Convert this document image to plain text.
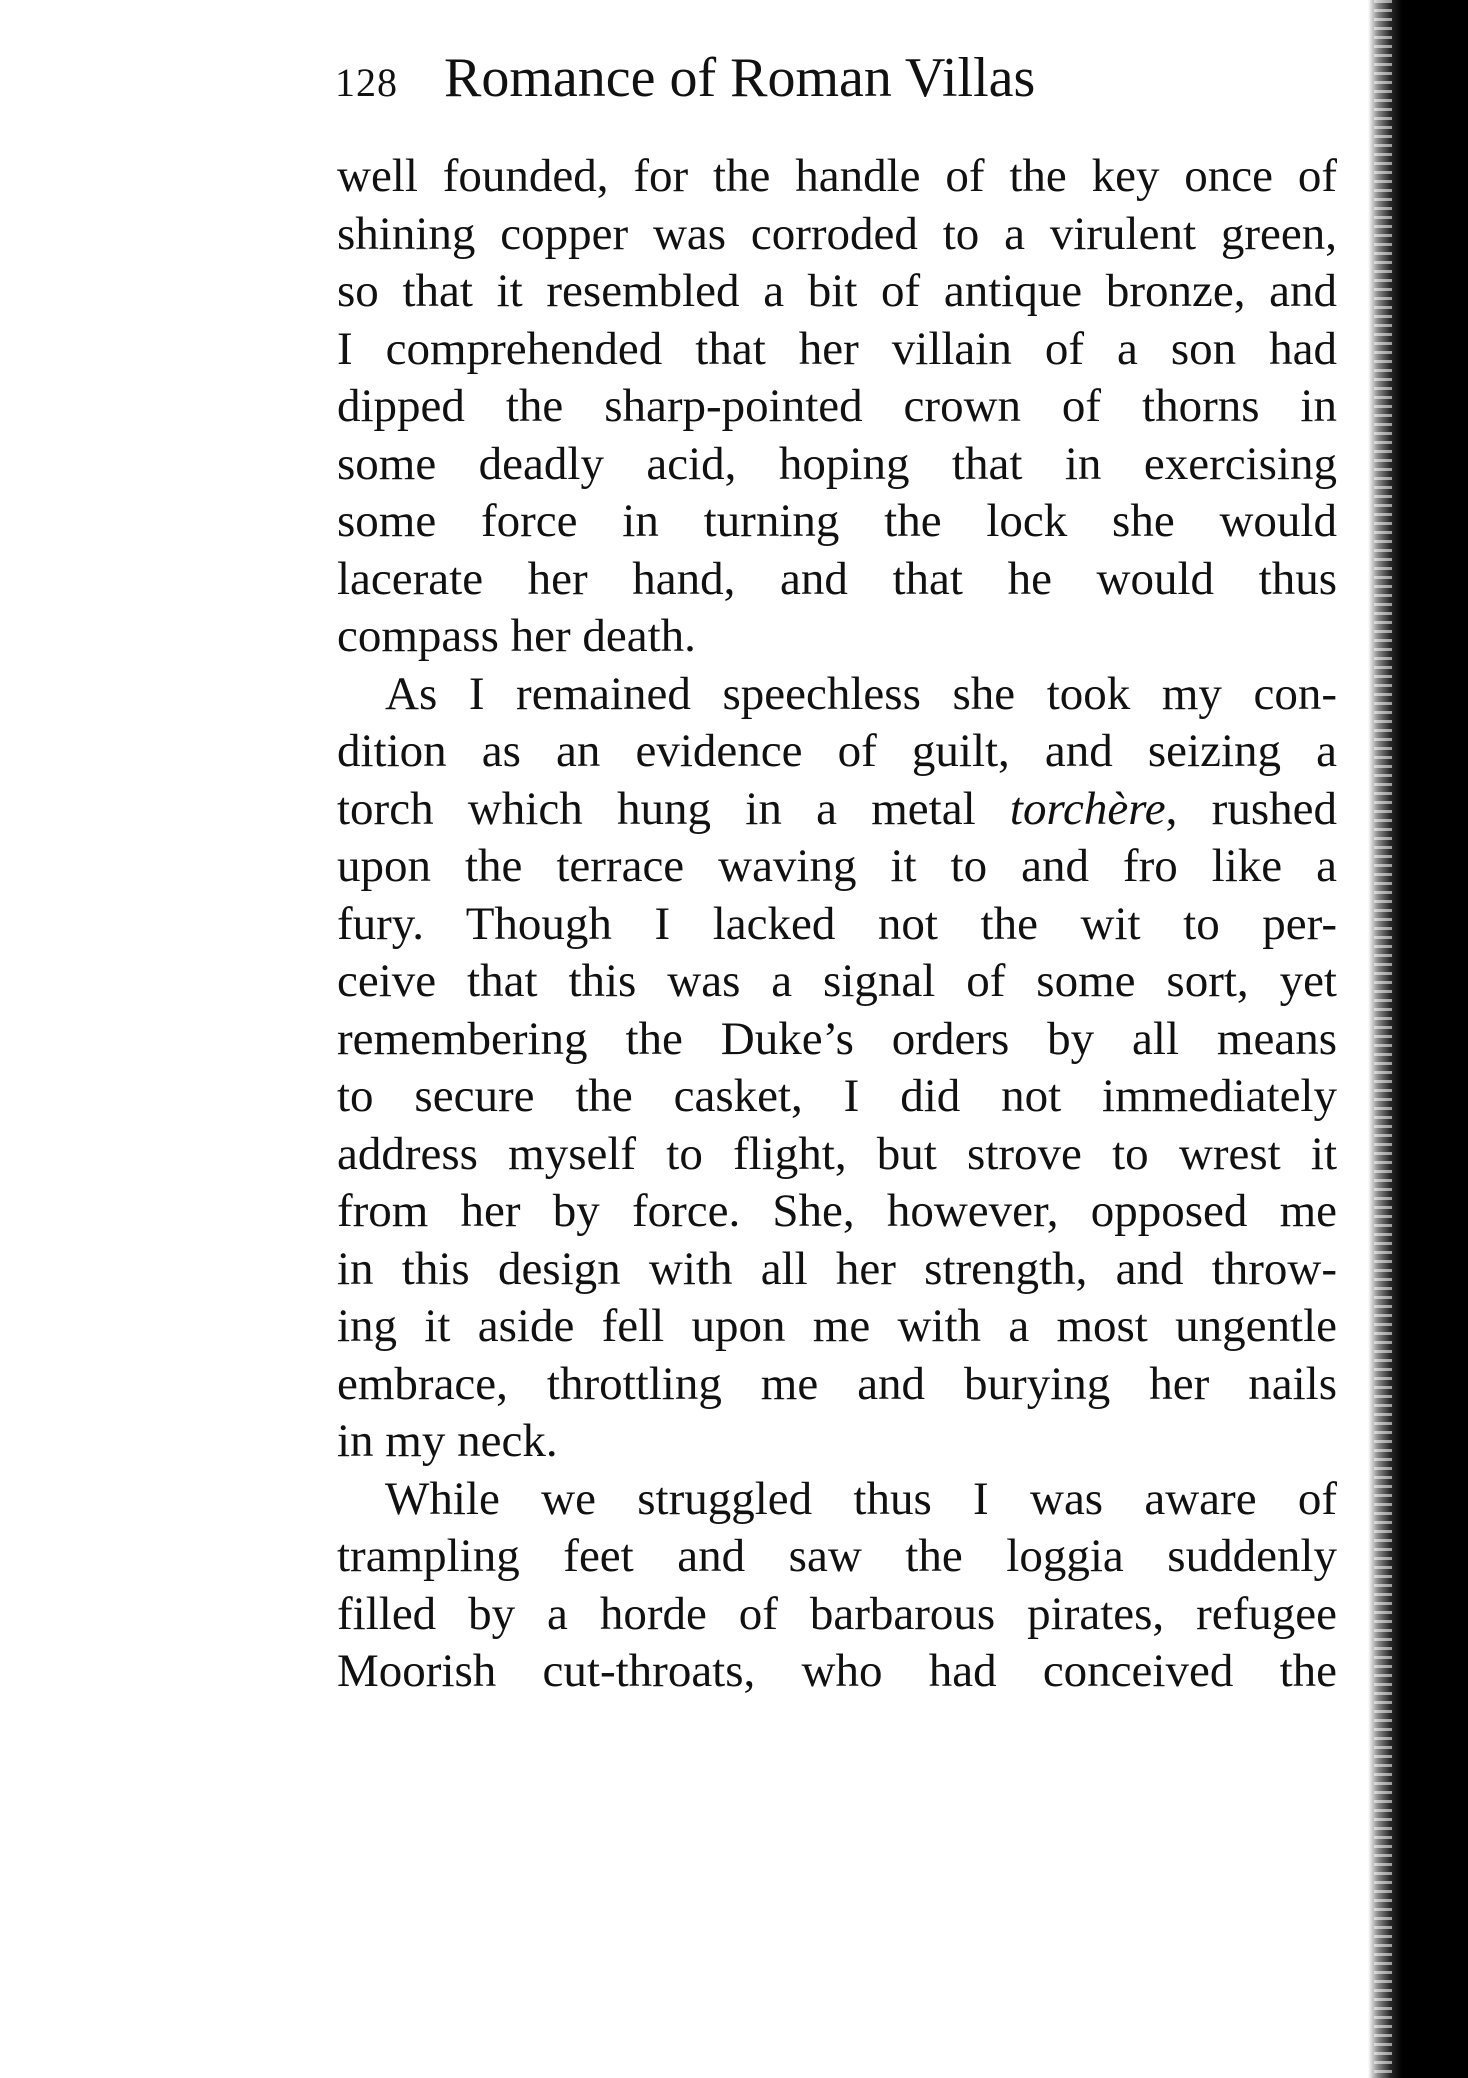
128 Romance of Roman Villas
well founded, for the handle of the key once of
shining copper was corroded to a virulent green,
so that it resembled a bit of antique bronze, and
I comprehended that her villain of a son had
dipped the sharp-pointed crown of thorns in
some deadly acid, hoping that in exercising
some force in turning the lock she would
lacerate her hand, and that he would thus
compass her death.
As I remained speechless she took my con-
dition as an evidence of guilt, and seizing a
torch which hung in a metal torchère, rushed
upon the terrace waving it to and fro like a
fury. Though I lacked not the wit to per-
ceive that this was a signal of some sort, yet
remembering the Duke’s orders by all means
to secure the casket, I did not immediately
address myself to flight, but strove to wrest it
from her by force. She, however, opposed me
in this design with all her strength, and throw-
ing it aside fell upon me with a most ungentle
embrace, throttling me and burying her nails
in my neck.
While we struggled thus I was aware of
trampling feet and saw the loggia suddenly
filled by a horde of barbarous pirates, refugee
Moorish cut-throats, who had conceived the
